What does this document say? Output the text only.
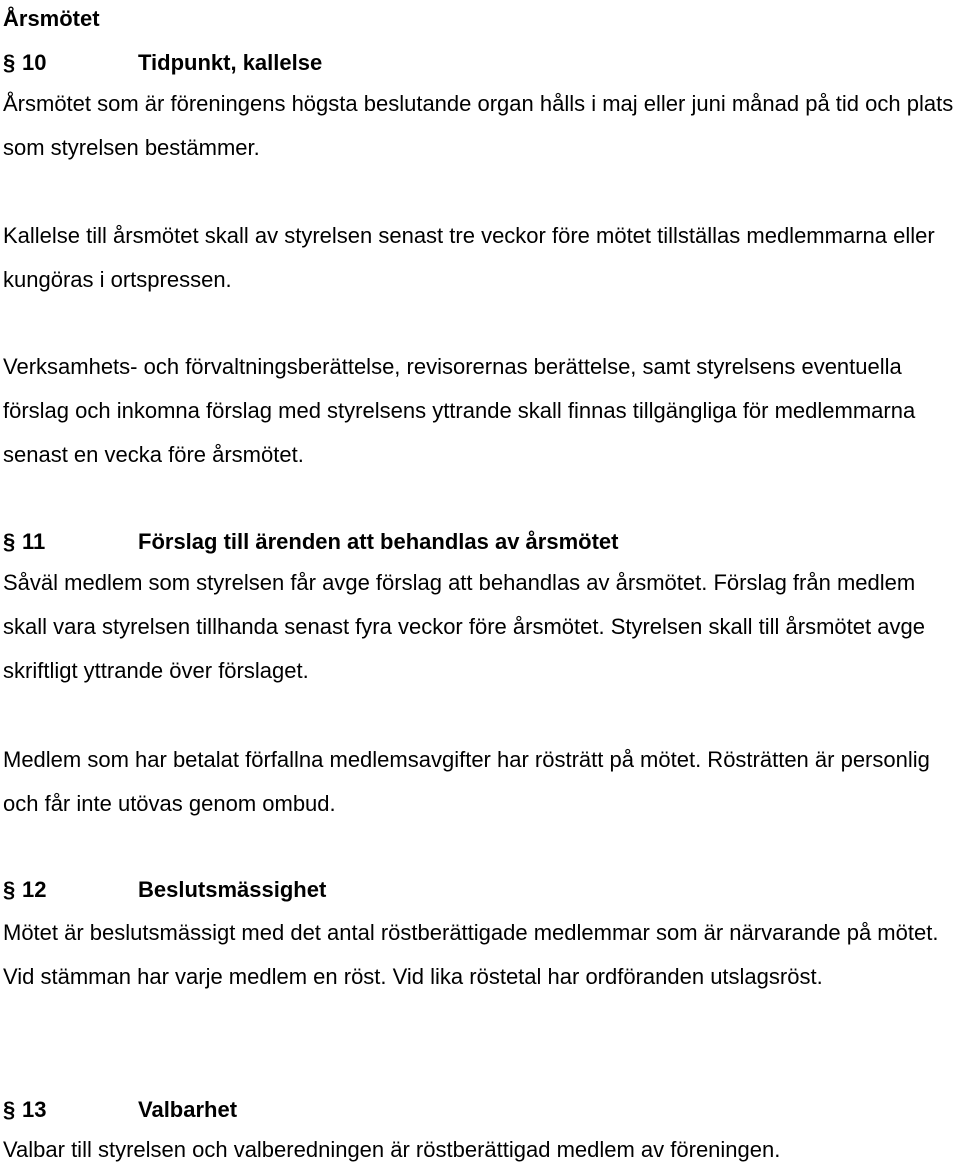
Årsmötet
§ 10	Tidpunkt, kallelse

Årsmötet som är föreningens högsta beslutande organ hålls i maj eller juni månad på tid och plats som styrelsen bestämmer.

Kallelse till årsmötet skall av styrelsen senast tre veckor före mötet tillställas medlemmarna eller kungöras i ortspressen.

Verksamhets- och förvaltningsberättelse, revisorernas berättelse, samt styrelsens eventuella förslag och inkomna förslag med styrelsens yttrande skall finnas tillgängliga för medlemmarna senast en vecka före årsmötet.

§ 11	Förslag till ärenden att behandlas av årsmötet

Såväl medlem som styrelsen får avge förslag att behandlas av årsmötet. Förslag från medlem skall vara styrelsen tillhanda senast fyra veckor före årsmötet. Styrelsen skall till årsmötet avge skriftligt yttrande över förslaget.

Medlem som har betalat förfallna medlemsavgifter har rösträtt på mötet. Rösträtten är personlig och får inte utövas genom ombud.

§ 12	Beslutsmässighet

Mötet är beslutsmässigt med det antal röstberättigade medlemmar som är närvarande på mötet. Vid stämman har varje medlem en röst. Vid lika röstetal har ordföranden utslagsröst.

§ 13	Valbarhet

Valbar till styrelsen och valberedningen är röstberättigad medlem av föreningen.
